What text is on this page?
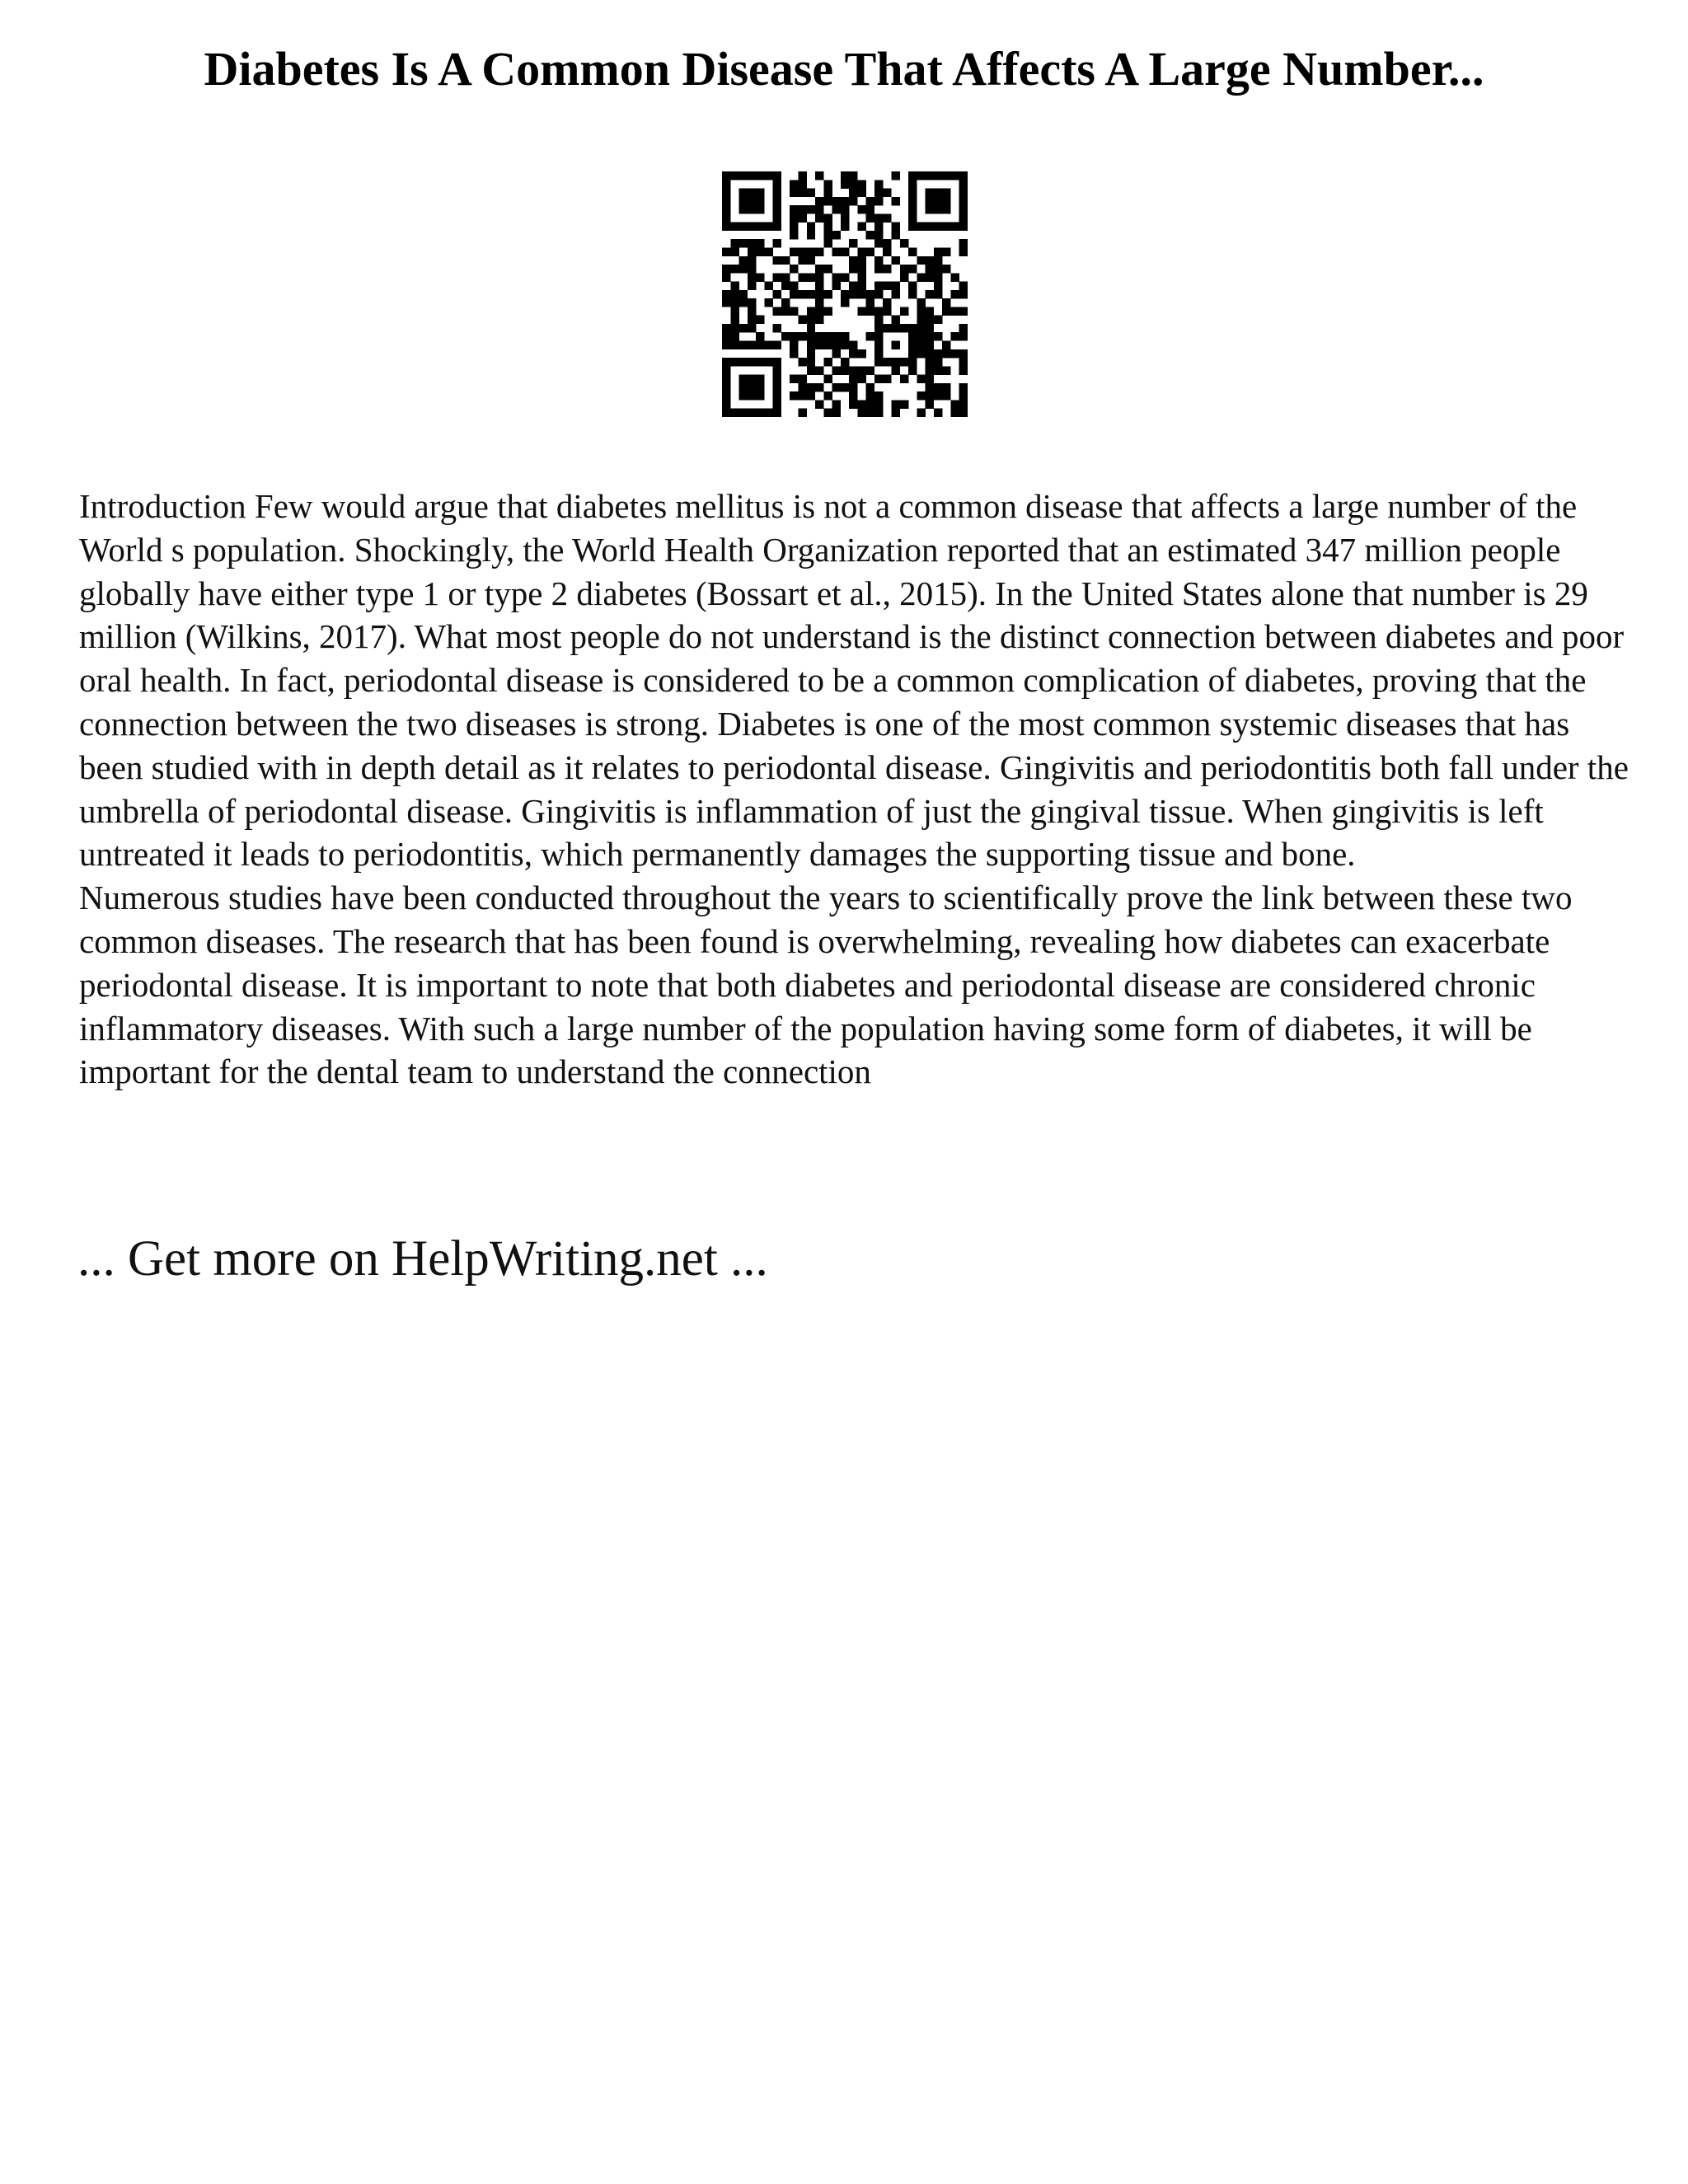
Diabetes Is A Common Disease That Affects A Large Number...

Introduction Few would argue that diabetes mellitus is not a common disease that affects a large number of the World s population. Shockingly, the World Health Organization reported that an estimated 347 million people globally have either type 1 or type 2 diabetes (Bossart et al., 2015). In the United States alone that number is 29 million (Wilkins, 2017). What most people do not understand is the distinct connection between diabetes and poor oral health. In fact, periodontal disease is considered to be a common complication of diabetes, proving that the connection between the two diseases is strong. Diabetes is one of the most common systemic diseases that has been studied with in depth detail as it relates to periodontal disease. Gingivitis and periodontitis both fall under the umbrella of periodontal disease. Gingivitis is inflammation of just the gingival tissue. When gingivitis is left untreated it leads to periodontitis, which permanently damages the supporting tissue and bone.

Numerous studies have been conducted throughout the years to scientifically prove the link between these two common diseases. The research that has been found is overwhelming, revealing how diabetes can exacerbate periodontal disease. It is important to note that both diabetes and periodontal disease are considered chronic inflammatory diseases. With such a large number of the population having some form of diabetes, it will be important for the dental team to understand the connection

... Get more on HelpWriting.net ...
